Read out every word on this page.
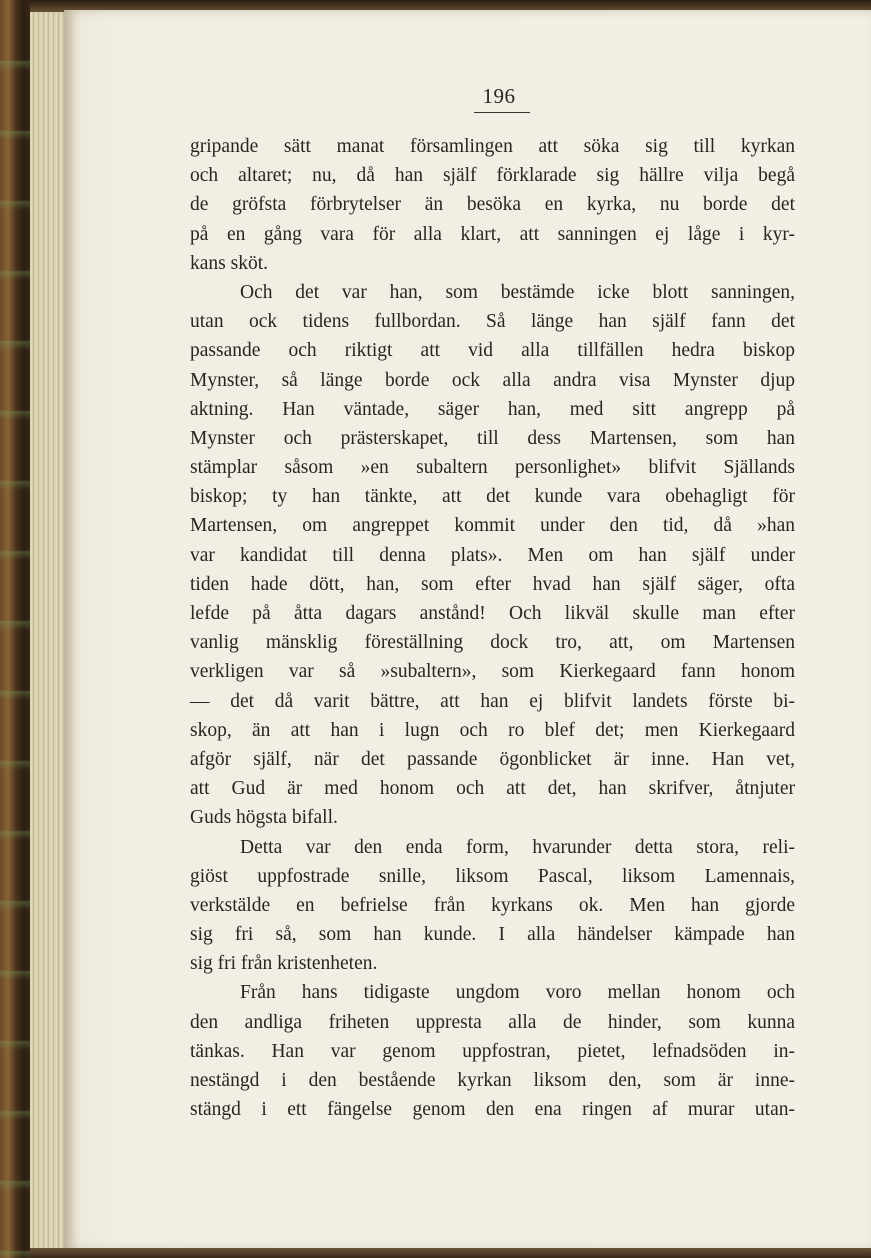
196
gripande sätt manat församlingen att söka sig till kyrkan
och altaret; nu, då han själf förklarade sig hällre vilja begå
de gröfsta förbrytelser än besöka en kyrka, nu borde det
på en gång vara för alla klart, att sanningen ej låge i kyr-
kans sköt.
Och det var han, som bestämde icke blott sanningen,
utan ock tidens fullbordan. Så länge han själf fann det
passande och riktigt att vid alla tillfällen hedra biskop
Mynster, så länge borde ock alla andra visa Mynster djup
aktning. Han väntade, säger han, med sitt angrepp på
Mynster och prästerskapet, till dess Martensen, som han
stämplar såsom »en subaltern personlighet» blifvit Själlands
biskop; ty han tänkte, att det kunde vara obehagligt för
Martensen, om angreppet kommit under den tid, då »han
var kandidat till denna plats». Men om han själf under
tiden hade dött, han, som efter hvad han själf säger, ofta
lefde på åtta dagars anstånd! Och likväl skulle man efter
vanlig mänsklig föreställning dock tro, att, om Martensen
verkligen var så »subaltern», som Kierkegaard fann honom
— det då varit bättre, att han ej blifvit landets förste bi-
skop, än att han i lugn och ro blef det; men Kierkegaard
afgör själf, när det passande ögonblicket är inne. Han vet,
att Gud är med honom och att det, han skrifver, åtnjuter
Guds högsta bifall.
Detta var den enda form, hvarunder detta stora, reli-
giöst uppfostrade snille, liksom Pascal, liksom Lamennais,
verkstälde en befrielse från kyrkans ok. Men han gjorde
sig fri så, som han kunde. I alla händelser kämpade han
sig fri från kristenheten.
Från hans tidigaste ungdom voro mellan honom och
den andliga friheten uppresta alla de hinder, som kunna
tänkas. Han var genom uppfostran, pietet, lefnadsöden in-
nestängd i den bestående kyrkan liksom den, som är inne-
stängd i ett fängelse genom den ena ringen af murar utan-
